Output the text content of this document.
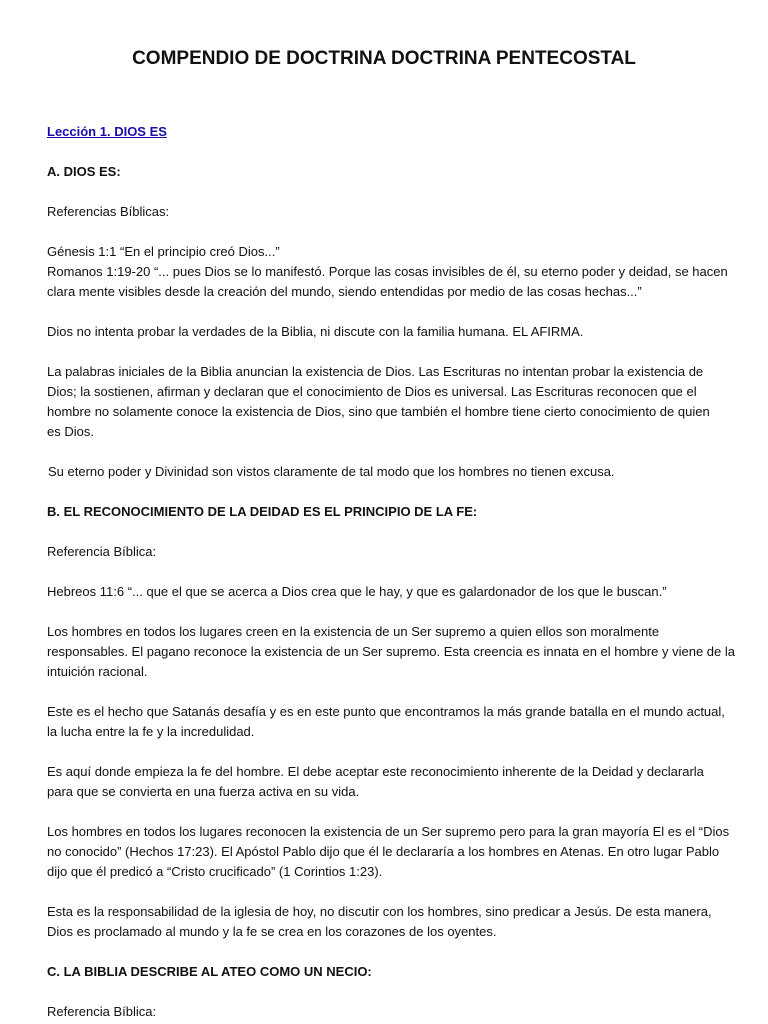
COMPENDIO DE DOCTRINA DOCTRINA PENTECOSTAL

Lección 1. DIOS ES

A. DIOS ES:

Referencias Bíblicas:

Génesis 1:1 “En el principio creó Dios...”
Romanos 1:19-20 “... pues Dios se lo manifestó. Porque las cosas invisibles de él, su eterno poder y deidad, se hacen
clara mente visibles desde la creación del mundo, siendo entendidas por medio de las cosas hechas...”

Dios no intenta probar la verdades de la Biblia, ni discute con la familia humana. EL AFIRMA.

La palabras iniciales de la Biblia anuncian la existencia de Dios. Las Escrituras no intentan probar la existencia de
Dios; la sostienen, afirman y declaran que el conocimiento de Dios es universal. Las Escrituras reconocen que el
hombre no solamente conoce la existencia de Dios, sino que también el hombre tiene cierto conocimiento de quien
es Dios.

Su eterno poder y Divinidad son vistos claramente de tal modo que los hombres no tienen excusa.

B. EL RECONOCIMIENTO DE LA DEIDAD ES EL PRINCIPIO DE LA FE:

Referencia Bíblica:

Hebreos 11:6 “... que el que se acerca a Dios crea que le hay, y que es galardonador de los que le buscan.”

Los hombres en todos los lugares creen en la existencia de un Ser supremo a quien ellos son moralmente
responsables. El pagano reconoce la existencia de un Ser supremo. Esta creencia es innata en el hombre y viene de la
intuición racional.

Este es el hecho que Satanás desafía y es en este punto que encontramos la más grande batalla en el mundo actual,
la lucha entre la fe y la incredulidad.

Es aquí donde empieza la fe del hombre. El debe aceptar este reconocimiento inherente de la Deidad y declararla
para que se convierta en una fuerza activa en su vida.

Los hombres en todos los lugares reconocen la existencia de un Ser supremo pero para la gran mayoría El es el “Dios
no conocido” (Hechos 17:23). El Apóstol Pablo dijo que él le declararía a los hombres en Atenas. En otro lugar Pablo
dijo que él predicó a “Cristo crucificado” (1 Corintios 1:23).

Esta es la responsabilidad de la iglesia de hoy, no discutir con los hombres, sino predicar a Jesús. De esta manera,
Dios es proclamado al mundo y la fe se crea en los corazones de los oyentes.

C. LA BIBLIA DESCRIBE AL ATEO COMO UN NECIO:

Referencia Bíblica:
